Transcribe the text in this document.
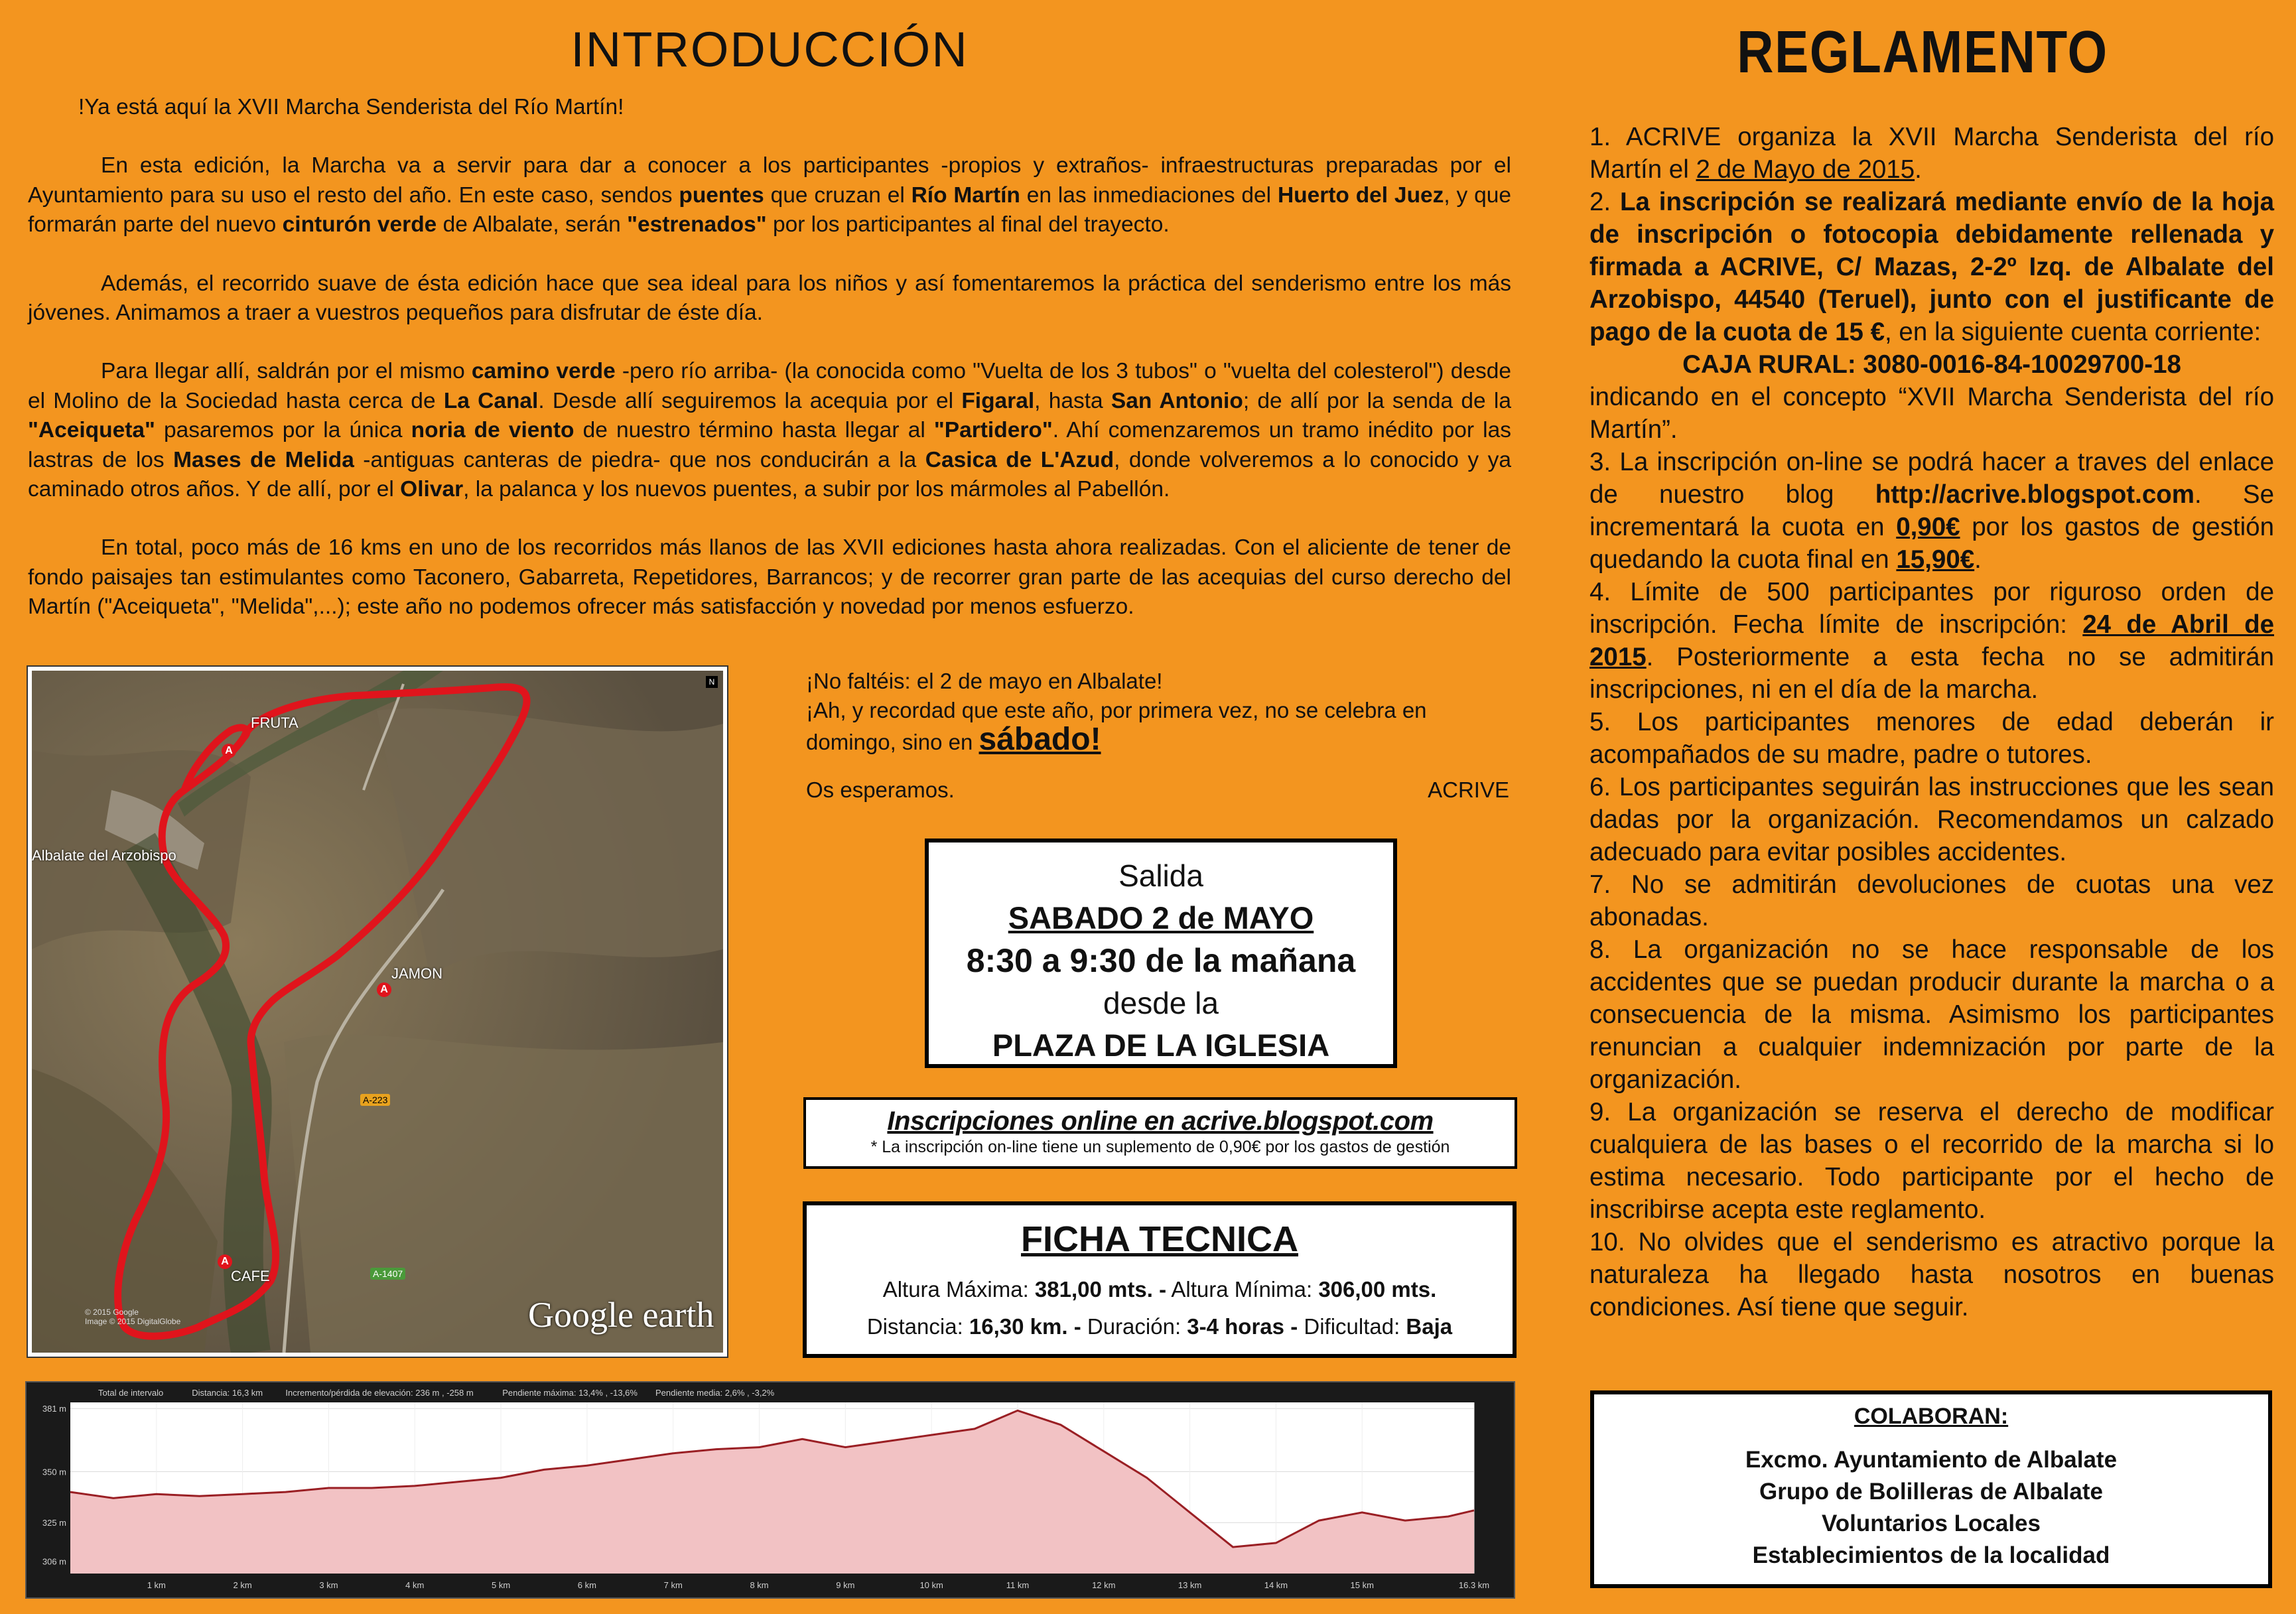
INTRODUCCIÓN

!Ya está aquí la XVII Marcha Senderista del Río Martín!

En esta edición, la Marcha va a servir para dar a conocer a los participantes -propios y extraños- infraestructuras preparadas por el Ayuntamiento para su uso el resto del año. En este caso, sendos puentes que cruzan el Río Martín en las inmediaciones del Huerto del Juez, y que formarán parte del nuevo cinturón verde de Albalate, serán "estrenados" por los participantes al final del trayecto.

Además, el recorrido suave de ésta edición hace que sea ideal para los niños y así fomentaremos la práctica del senderismo entre los más jóvenes. Animamos a traer a vuestros pequeños para disfrutar de éste día.

Para llegar allí, saldrán por el mismo camino verde -pero río arriba- (la conocida como "Vuelta de los 3 tubos" o "vuelta del colesterol") desde el Molino de la Sociedad hasta cerca de La Canal. Desde allí seguiremos la acequia por el Figaral, hasta San Antonio; de allí por la senda de la "Aceiqueta" pasaremos por la única noria de viento de nuestro término hasta llegar al "Partidero". Ahí comenzaremos un tramo inédito por las lastras de los Mases de Melida -antiguas canteras de piedra- que nos conducirán a la Casica de L'Azud, donde volveremos a lo conocido y ya caminado otros años. Y de allí, por el Olivar, la palanca y los nuevos puentes, a subir por los mármoles al Pabellón.

En total, poco más de 16 kms en uno de los recorridos más llanos de las XVII ediciones hasta ahora realizadas. Con el aliciente de tener de fondo paisajes tan estimulantes como Taconero, Gabarreta, Repetidores, Barrancos; y de recorrer gran parte de las acequias del curso derecho del Martín ("Aceiqueta", "Melida",...); este año no podemos ofrecer más satisfacción y novedad por menos esfuerzo.

Albalate del Arzobispo
FRUTA
A
JAMON
A
CAFE
A
A-223
A-1407
N
© 2015 Google
Image © 2015 DigitalGlobe	Google earth
¡No faltéis: el 2 de mayo en Albalate!
¡Ah, y recordad que este año, por primera vez, no se celebra en domingo, sino en sábado!
Os esperamos.	ACRIVE
Salida
SABADO 2 de MAYO
8:30 a 9:30 de la mañana
desde la
PLAZA DE LA IGLESIA
Inscripciones online en acrive.blogspot.com
* La inscripción on-line tiene un suplemento de 0,90€ por los gastos de gestión
FICHA TECNICA
Altura Máxima: 381,00 mts. - Altura Mínima: 306,00 mts.
Distancia: 16,30 km. - Duración: 3-4 horas - Dificultad: Baja
Total de intervalo	Distancia: 16,3 km	Incremento/pérdida de elevación: 236 m , -258 m	Pendiente máxima: 13,4% , -13,6% Pendiente media: 2,6% , -3,2%
381 m
350 m
325 m
306 m
1 km	2 km	3 km	4 km	5 km	6 km	7 km	8 km	9 km	10 km	11 km	12 km	13 km	14 km	15 km	16.3 km
REGLAMENTO

1. ACRIVE organiza la XVII Marcha Senderista del río Martín el 2 de Mayo de 2015.

2. La inscripción se realizará mediante envío de la hoja de inscripción o fotocopia debidamente rellenada y firmada a ACRIVE, C/ Mazas, 2-2º Izq. de Albalate del Arzobispo, 44540 (Teruel), junto con el justificante de pago de la cuota de 15 €, en la siguiente cuenta corriente:

CAJA RURAL: 3080-0016-84-10029700-18

indicando en el concepto “XVII Marcha Senderista del río Martín”.

3. La inscripción on-line se podrá hacer a traves del enlace de nuestro blog http://acrive.blogspot.com. Se incrementará la cuota en 0,90€ por los gastos de gestión quedando la cuota final en 15,90€.

4. Límite de 500 participantes por riguroso orden de inscripción. Fecha límite de inscripción: 24 de Abril de 2015. Posteriormente a esta fecha no se admitirán inscripciones, ni en el día de la marcha.

5. Los participantes menores de edad deberán ir acompañados de su madre, padre o tutores.

6. Los participantes seguirán las instrucciones que les sean dadas por la organización. Recomendamos un calzado adecuado para evitar posibles accidentes.

7. No se admitirán devoluciones de cuotas una vez abonadas.

8. La organización no se hace responsable de los accidentes que se puedan producir durante la marcha o a consecuencia de la misma. Asimismo los participantes renuncian a cualquier indemnización por parte de la organización.

9. La organización se reserva el derecho de modificar cualquiera de las bases o el recorrido de la marcha si lo estima necesario. Todo participante por el hecho de inscribirse acepta este reglamento.

10. No olvides que el senderismo es atractivo porque la naturaleza ha llegado hasta nosotros en buenas condiciones. Así tiene que seguir.

COLABORAN:
Excmo. Ayuntamiento de Albalate
Grupo de Bolilleras de Albalate
Voluntarios Locales
Establecimientos de la localidad
